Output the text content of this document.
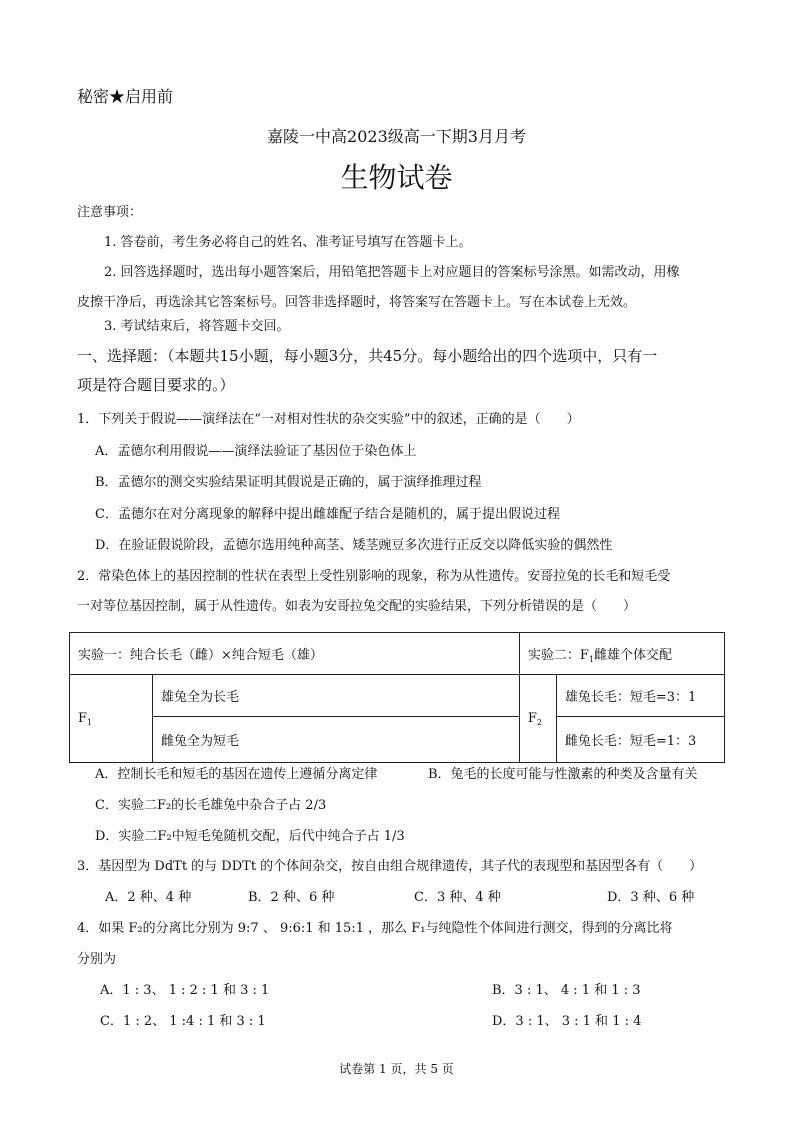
秘密★启用前
嘉陵一中高2023级高一下期3月月考
生物试卷
注意事项：
1. 答卷前，考生务必将自己的姓名、准考证号填写在答题卡上。
2. 回答选择题时，选出每小题答案后，用铅笔把答题卡上对应题目的答案标号涂黑。如需改动，用橡
皮擦干净后，再选涂其它答案标号。回答非选择题时，将答案写在答题卡上。写在本试卷上无效。
3. 考试结束后，将答题卡交回。
一、选择题：（本题共15小题，每小题3分，共45分。每小题给出的四个选项中，只有一
项是符合题目要求的。）
1．下列关于假说——演绎法在“一对相对性状的杂交实验”中的叙述，正确的是（　　）
A．孟德尔利用假说——演绎法验证了基因位于染色体上
B．孟德尔的测交实验结果证明其假说是正确的，属于演绎推理过程
C．孟德尔在对分离现象的解释中提出雌雄配子结合是随机的，属于提出假说过程
D．在验证假说阶段，孟德尔选用纯种高茎、矮茎豌豆多次进行正反交以降低实验的偶然性
2．常染色体上的基因控制的性状在表型上受性别影响的现象，称为从性遗传。安哥拉兔的长毛和短毛受
一对等位基因控制，属于从性遗传。如表为安哥拉兔交配的实验结果，下列分析错误的是（　　）
实验一：纯合长毛（雌）×纯合短毛（雄）		实验二：$F_1$雌雄个体交配	
$F_1$	雄兔全为长毛	$F_2$	雄兔长毛：短毛=3：1
	雌兔全为短毛		雌兔长毛：短毛=1：3
A．控制长毛和短毛的基因在遗传上遵循分离定律	B．兔毛的长度可能与性激素的种类及含量有关
C．实验二F₂的长毛雄兔中杂合子占 2/3
D．实验二F₂中短毛兔随机交配，后代中纯合子占 1/3
3．基因型为 DdTt 的与 DDTt 的个体间杂交，按自由组合规律遗传，其子代的表现型和基因型各有（　　）
A．2 种、4 种	B．2 种、6 种	C．3 种、4 种	D．3 种、6 种
4．如果 F₂的分离比分别为 9:7 、 9:6:1 和 15:1 ，那么 F₁与纯隐性个体间进行测交，得到的分离比将
分别为
A．1 : 3、 1 : 2 : 1 和 3 : 1	B．3 : 1、 4 : 1 和 1 : 3
C．1 : 2、 1 :4 : 1 和 3 : 1	D．3 : 1、 3 : 1 和 1 : 4
试卷第 1 页，共 5 页
